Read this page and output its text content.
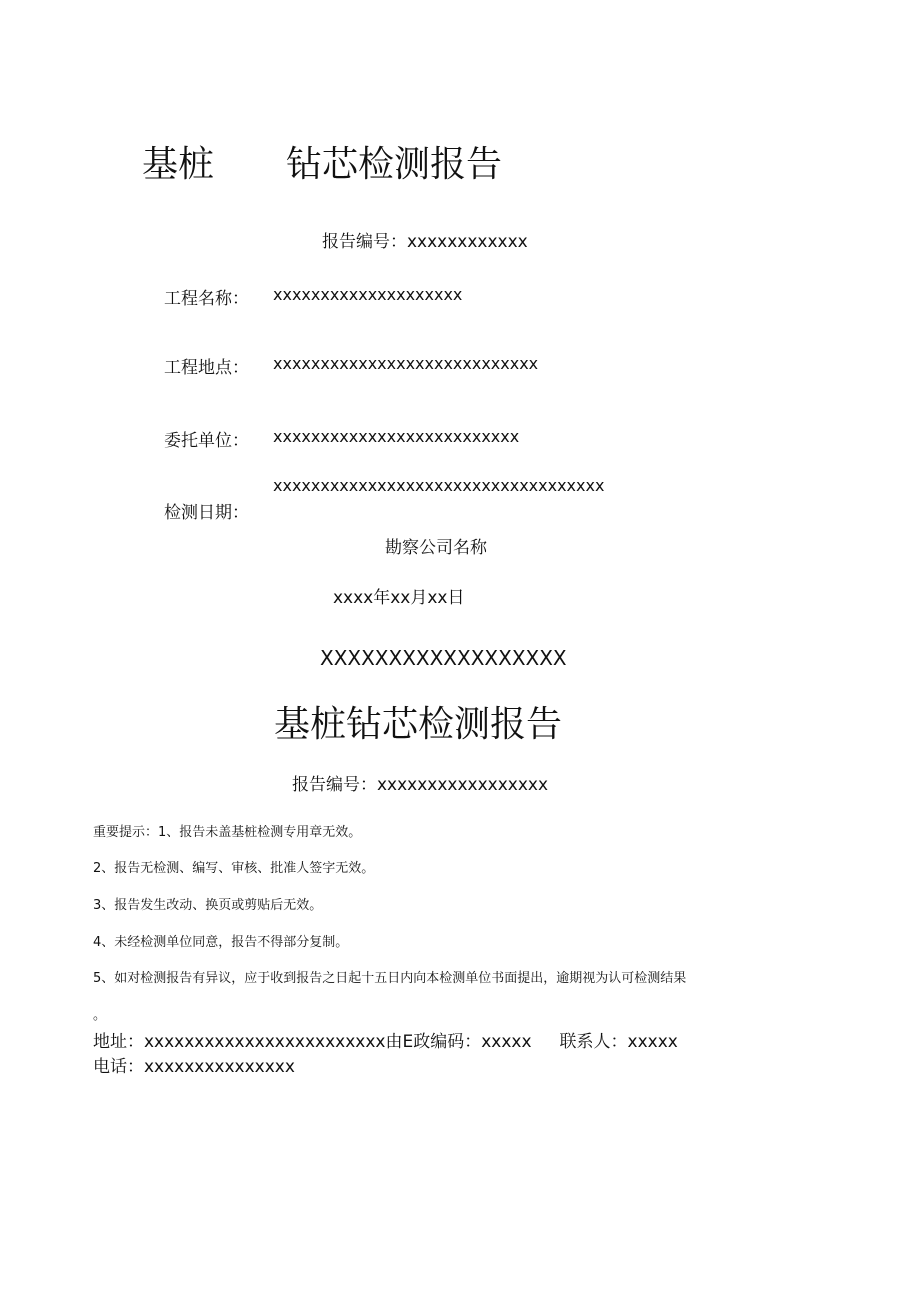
基桩 钻芯检测报告
报告编号：xxxxxxxxxxxx
工程名称： xxxxxxxxxxxxxxxxxxxx
工程地点： xxxxxxxxxxxxxxxxxxxxxxxxxxxx
委托单位： xxxxxxxxxxxxxxxxxxxxxxxxxx
xxxxxxxxxxxxxxxxxxxxxxxxxxxxxxxxxxx
检测日期：
勘察公司名称
xxxx年xx月xx日
XXXXXXXXXXXXXXXXXX
基桩钻芯检测报告
报告编号：xxxxxxxxxxxxxxxxx
重要提示：1、报告未盖基桩检测专用章无效。
2、报告无检测、编写、审核、批准人签字无效。
3、报告发生改动、换页或剪贴后无效。
4、未经检测单位同意，报告不得部分复制。
5、如对检测报告有异议，应于收到报告之日起十五日内向本检测单位书面提出，逾期视为认可检测结果
。
地址：xxxxxxxxxxxxxxxxxxxxxxxx由E政编码：xxxxx 联系人：xxxxx
电话：xxxxxxxxxxxxxxx
